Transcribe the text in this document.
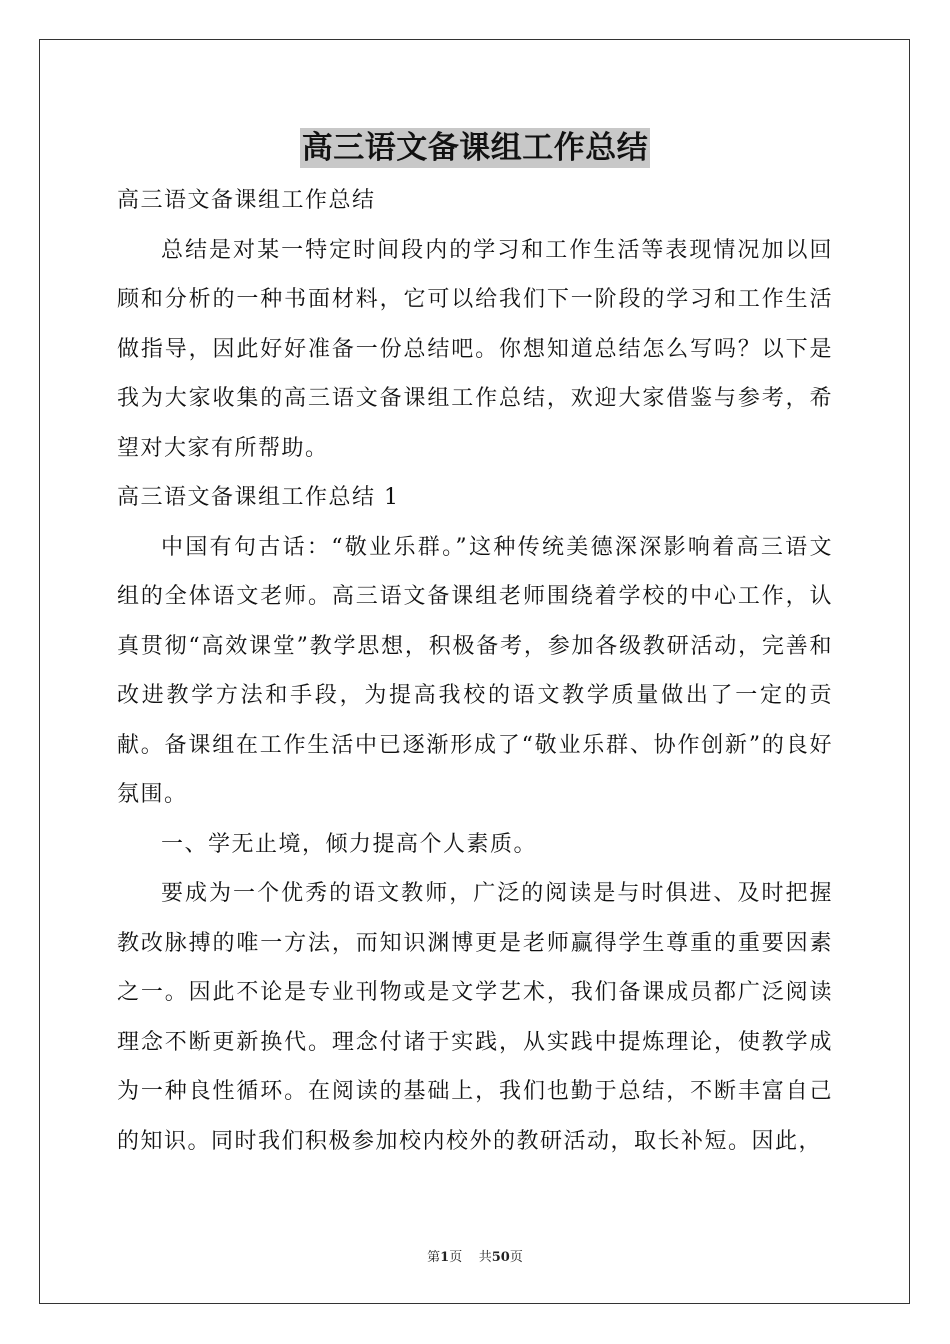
高三语文备课组工作总结

高三语文备课组工作总结

总结是对某一特定时间段内的学习和工作生活等表现情况加以回顾和分析的一种书面材料，它可以给我们下一阶段的学习和工作生活做指导，因此好好准备一份总结吧。你想知道总结怎么写吗？以下是我为大家收集的高三语文备课组工作总结，欢迎大家借鉴与参考，希望对大家有所帮助。

高三语文备课组工作总结 1

中国有句古话：“敬业乐群。”这种传统美德深深影响着高三语文组的全体语文老师。高三语文备课组老师围绕着学校的中心工作，认真贯彻“高效课堂”教学思想，积极备考，参加各级教研活动，完善和改进教学方法和手段，为提高我校的语文教学质量做出了一定的贡献。备课组在工作生活中已逐渐形成了“敬业乐群、协作创新”的良好氛围。

一、学无止境，倾力提高个人素质。

要成为一个优秀的语文教师，广泛的阅读是与时俱进、及时把握教改脉搏的唯一方法，而知识渊博更是老师赢得学生尊重的重要因素之一。因此不论是专业刊物或是文学艺术，我们备课成员都广泛阅读理念不断更新换代。理念付诸于实践，从实践中提炼理论，使教学成为一种良性循环。在阅读的基础上，我们也勤于总结，不断丰富自己的知识。同时我们积极参加校内校外的教研活动，取长补短。因此，

第1页 共50页
